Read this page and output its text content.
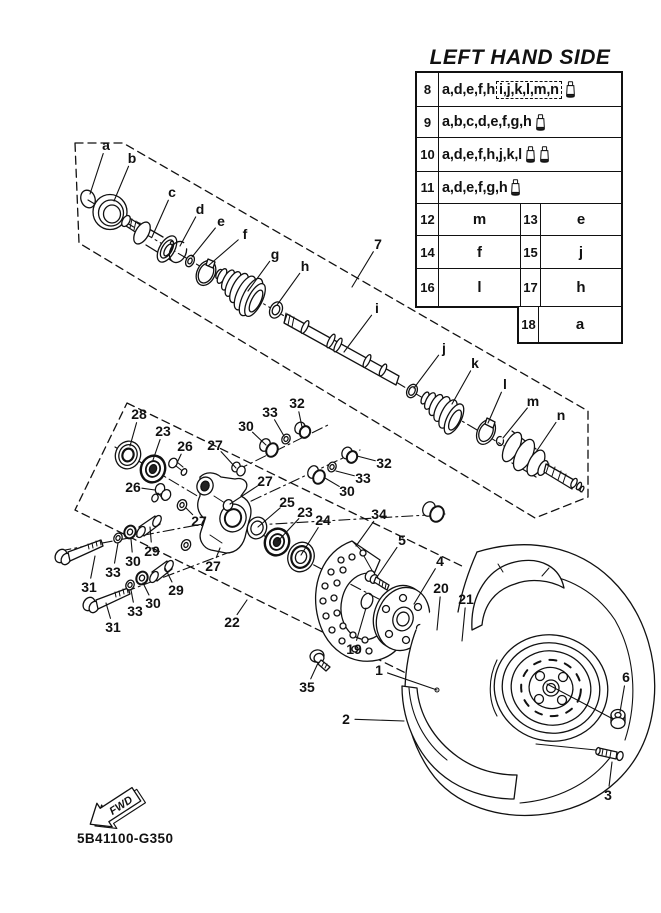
FWD
a
b
c
d
e
f
g
h
i
j
k
l
m
n
7
28
23
26 27
30
33
32
26
27
27
27
32
33
30
25
23 24	34
22
31
33
30
29
31
33 30
29
5
4
20
21
19
35
1
2
6
3
LEFT HAND SIDE
8 a,d,e,f,h i,j,k,l,m,n
9 a,b,c,d,e,f,g,h
10 a,d,e,f,h,j,k,l
11 a,d,e,f,g,h
12	m	13	e
14	f	15	j
16	l	17	h
18	a
5B41100-G350
